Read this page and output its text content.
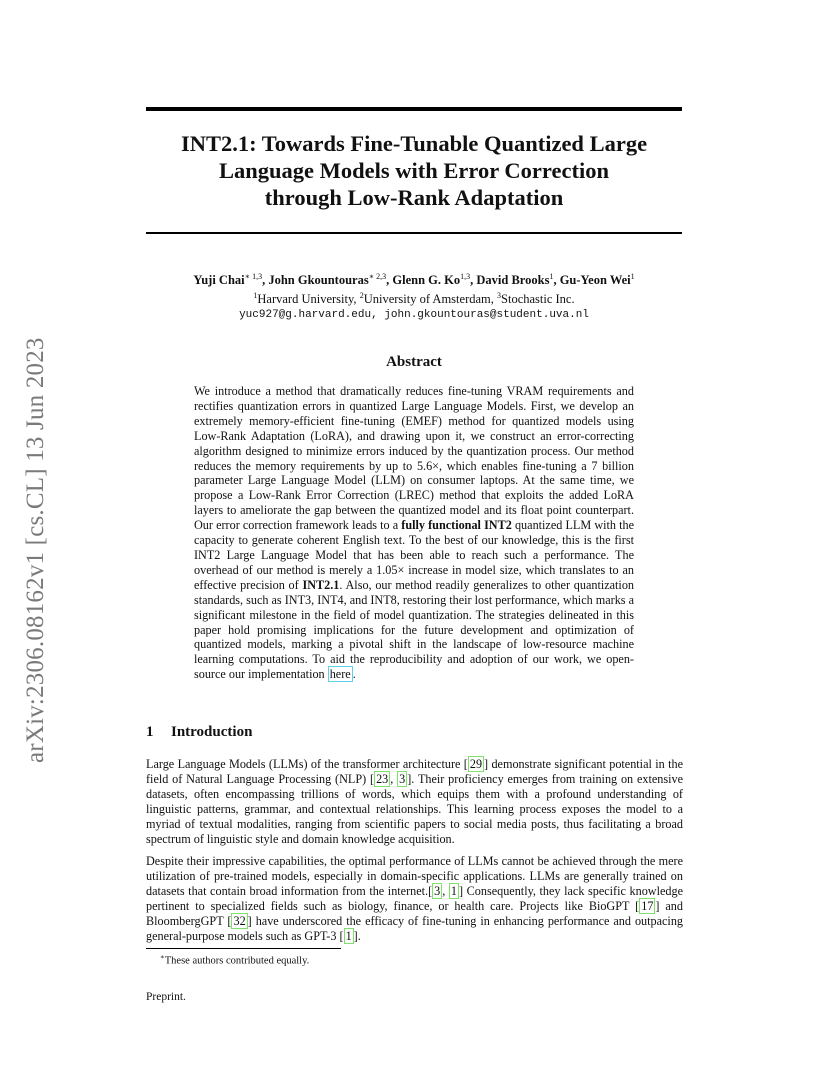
arXiv:2306.08162v1 [cs.CL] 13 Jun 2023
INT2.1: Towards Fine-Tunable Quantized Large
Language Models with Error Correction
through Low-Rank Adaptation
Yuji Chai$^{∗ 1,3}$, John Gkountouras$^{∗ 2,3}$, Glenn G. Ko$^{1,3}$, David Brooks$^1$, Gu-Yeon Wei$^1$
$^1$Harvard University, $^2$University of Amsterdam, $^3$Stochastic Inc.
yuc927@g.harvard.edu, john.gkountouras@student.uva.nl
Abstract
We introduce a method that dramatically reduces fine-tuning VRAM requirements and rectifies quantization errors in quantized Large Language Models. First, we develop an extremely memory-efficient fine-tuning (EMEF) method for quantized models using Low-Rank Adaptation (LoRA), and drawing upon it, we construct an error-correcting algorithm designed to minimize errors induced by the quantization process. Our method reduces the memory requirements by up to 5.6×, which enables fine-tuning a 7 billion parameter Large Language Model (LLM) on consumer laptops. At the same time, we propose a Low-Rank Error Correction (LREC) method that exploits the added LoRA layers to ameliorate the gap between the quantized model and its float point counterpart. Our error correction framework leads to a fully functional INT2 quantized LLM with the capacity to generate coherent English text. To the best of our knowledge, this is the first INT2 Large Language Model that has been able to reach such a performance. The overhead of our method is merely a 1.05× increase in model size, which translates to an effective precision of INT2.1. Also, our method readily generalizes to other quantization standards, such as INT3, INT4, and INT8, restoring their lost performance, which marks a significant milestone in the field of model quantization. The strategies delineated in this paper hold promising implications for the future development and optimization of quantized models, marking a pivotal shift in the landscape of low-resource machine learning computations. To aid the reproducibility and adoption of our work, we open-source our implementation here .
1 Introduction
Large Language Models (LLMs) of the transformer architecture [ 29 ] demonstrate significant potential in the field of Natural Language Processing (NLP) [ 23 , 3 ]. Their proficiency emerges from training on extensive datasets, often encompassing trillions of words, which equips them with a profound understanding of linguistic patterns, grammar, and contextual relationships. This learning process exposes the model to a myriad of textual modalities, ranging from scientific papers to social media posts, thus facilitating a broad spectrum of linguistic style and domain knowledge acquisition.
Despite their impressive capabilities, the optimal performance of LLMs cannot be achieved through the mere utilization of pre-trained models, especially in domain-specific applications. LLMs are generally trained on datasets that contain broad information from the internet.[ 3 , 1 ] Consequently, they lack specific knowledge pertinent to specialized fields such as biology, finance, or health care. Projects like BioGPT [ 17 ] and BloombergGPT [ 32 ] have underscored the efficacy of fine-tuning in enhancing performance and outpacing general-purpose models such as GPT-3 [ 1 ].
∗These authors contributed equally.
Preprint.
